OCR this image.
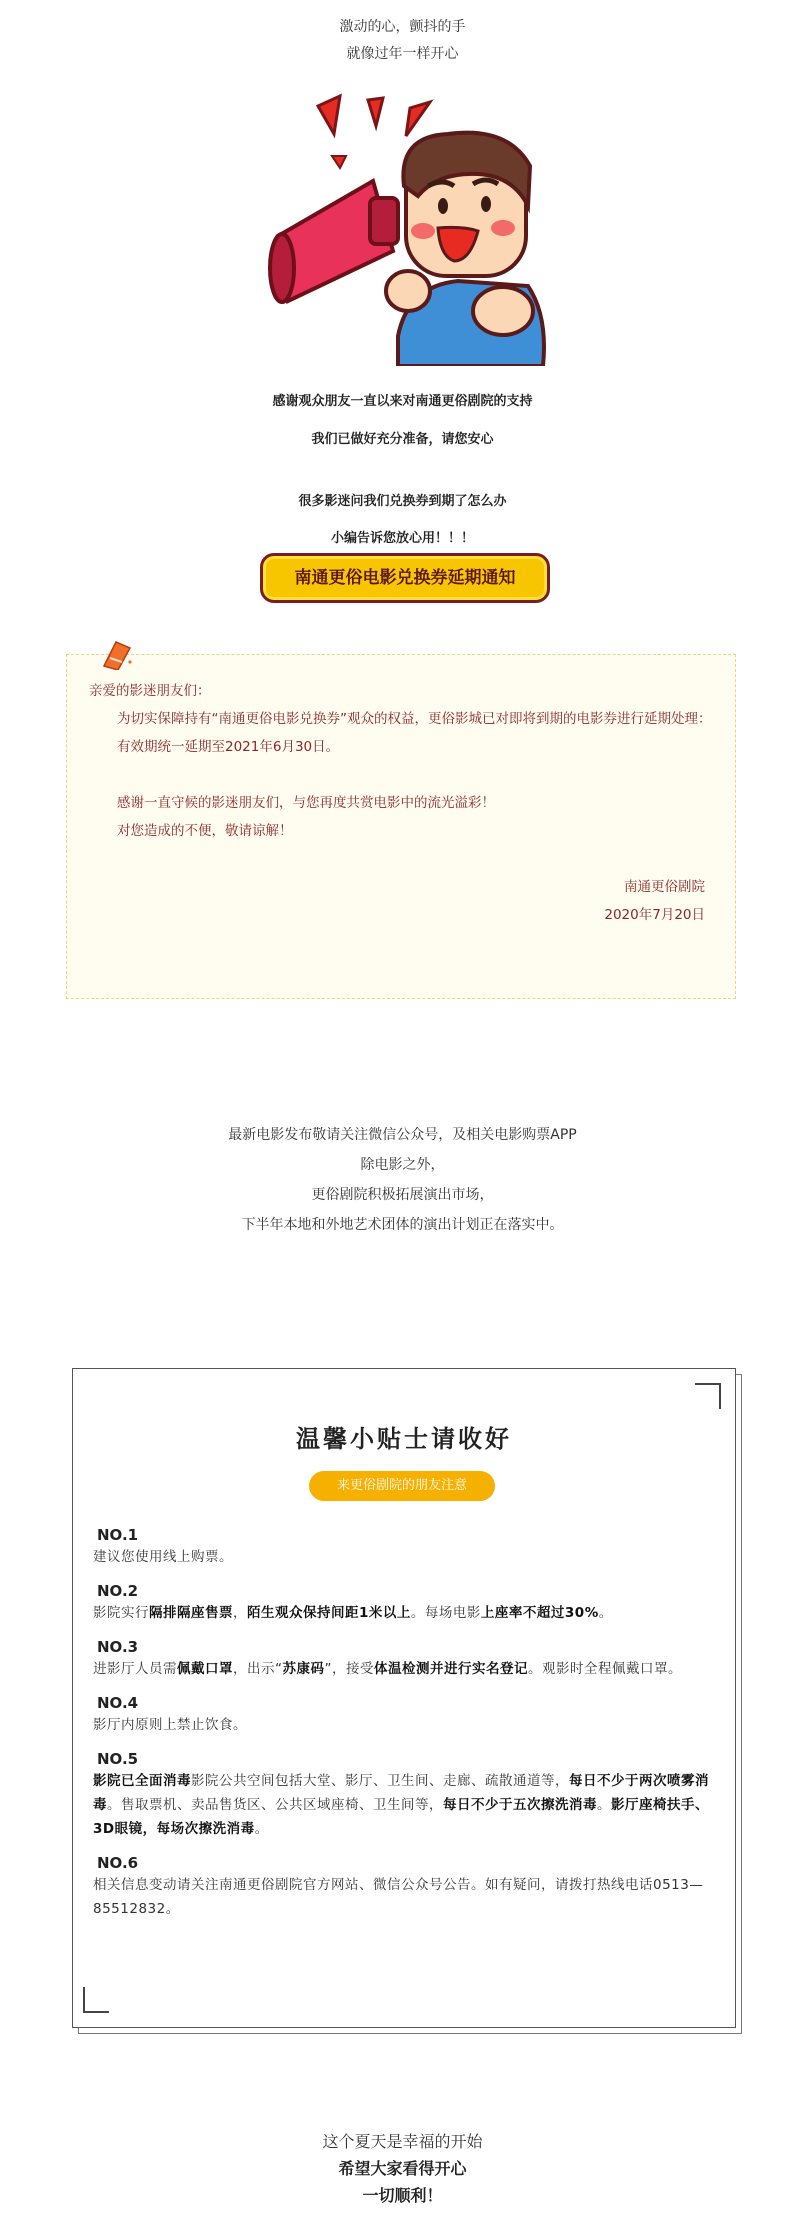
激动的心，颤抖的手
就像过年一样开心
感谢观众朋友一直以来对南通更俗剧院的支持
我们已做好充分准备，请您安心
很多影迷问我们兑换券到期了怎么办
小编告诉您放心用！！！
南通更俗电影兑换券延期通知

亲爱的影迷朋友们：

为切实保障持有“南通更俗电影兑换券”观众的权益，更俗影城已对即将到期的电影券进行延期处理：

有效期统一延期至2021年6月30日。

感谢一直守候的影迷朋友们，与您再度共赏电影中的流光溢彩！

对您造成的不便，敬请谅解！

南通更俗剧院

2020年7月20日

最新电影发布敬请关注微信公众号，及相关电影购票APP
除电影之外，
更俗剧院积极拓展演出市场，
下半年本地和外地艺术团体的演出计划正在落实中。
温馨小贴士请收好
来更俗剧院的朋友注意
NO.1
建议您使用线上购票。
NO.2
影院实行隔排隔座售票，陌生观众保持间距1米以上。每场电影上座率不超过30%。
NO.3
进影厅人员需佩戴口罩，出示“苏康码”，接受体温检测并进行实名登记。观影时全程佩戴口罩。
NO.4
影厅内原则上禁止饮食。
NO.5
影院已全面消毒影院公共空间包括大堂、影厅、卫生间、走廊、疏散通道等，每日不少于两次喷雾消毒。售取票机、卖品售货区、公共区域座椅、卫生间等，每日不少于五次擦洗消毒。影厅座椅扶手、3D眼镜，每场次擦洗消毒。
NO.6
相关信息变动请关注南通更俗剧院官方网站、微信公众号公告。如有疑问，请拨打热线电话0513—85512832。
这个夏天是幸福的开始
希望大家看得开心
一切顺利！
